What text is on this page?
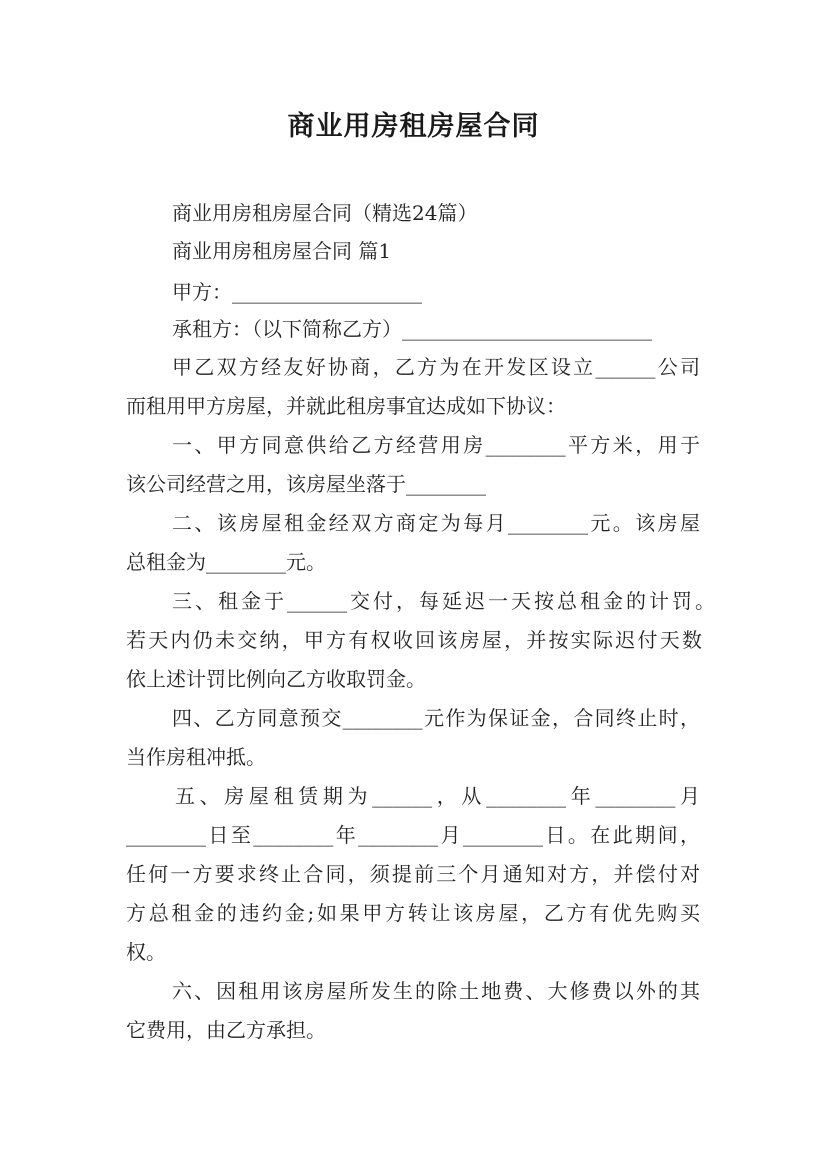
商业用房租房屋合同
商业用房租房屋合同（精选24篇）
商业用房租房屋合同 篇1
甲方：___________________
承租方：（以下简称乙方）_________________________
甲乙双方经友好协商，乙方为在开发区设立______公司
而租用甲方房屋，并就此租房事宜达成如下协议：
一、甲方同意供给乙方经营用房________平方米，用于
该公司经营之用，该房屋坐落于________
二、该房屋租金经双方商定为每月________元。该房屋
总租金为________元。
三、租金于______交付，每延迟一天按总租金的计罚。
若天内仍未交纳，甲方有权收回该房屋，并按实际迟付天数
依上述计罚比例向乙方收取罚金。
四、乙方同意预交________元作为保证金，合同终止时，
当作房租冲抵。
五、房屋租赁期为______，从________年________月
________日至________年________月________日。在此期间，
任何一方要求终止合同，须提前三个月通知对方，并偿付对
方总租金的违约金;如果甲方转让该房屋，乙方有优先购买
权。
六、因租用该房屋所发生的除土地费、大修费以外的其
它费用，由乙方承担。
